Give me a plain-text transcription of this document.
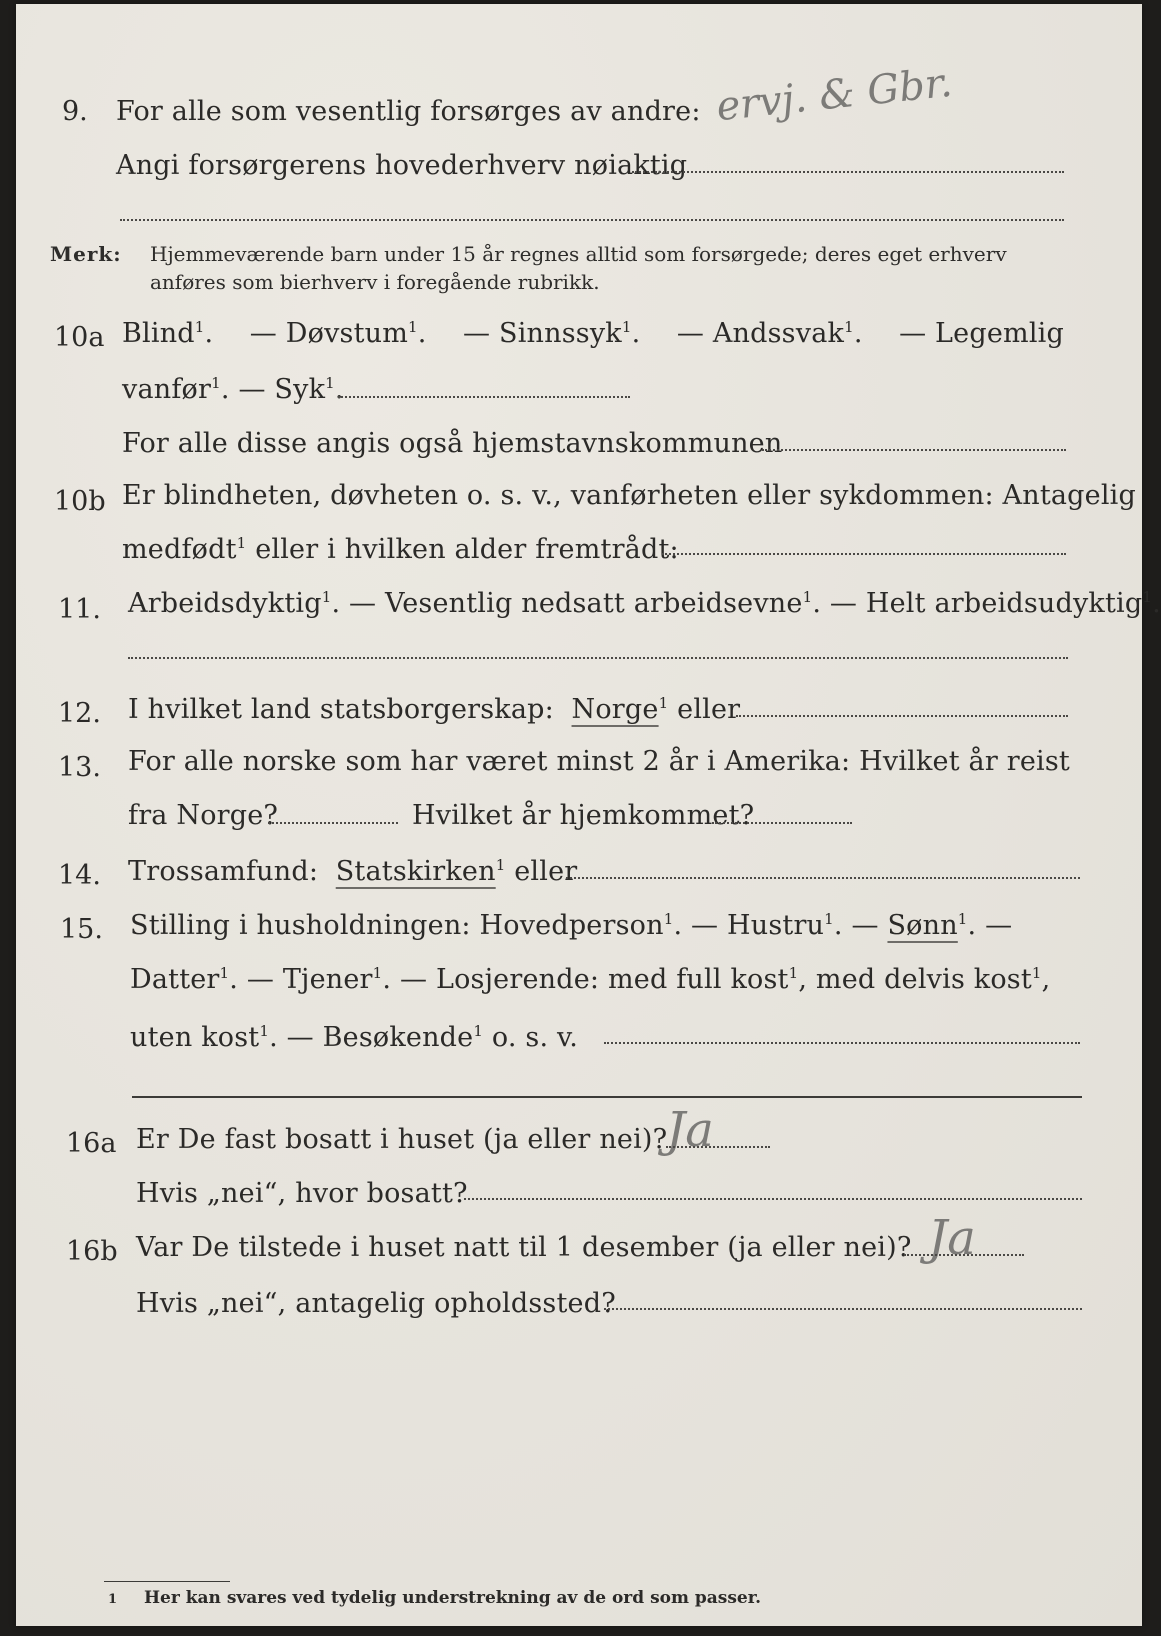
9. For alle som vesentlig forsørges av andre: ervj. & Gbr.
Angi forsørgerens hovederhverv nøiaktig
Merk: Hjemmeværende barn under 15 år regnes alltid som forsørgede; deres eget erhverv
anføres som bierhverv i foregående rubrikk.
10a Blind$^1$. — Døvstum$^1$. — Sinnssyk$^1$. — Andssvak$^1$. — Legemlig
vanfør$^1$. — Syk$^1$.
For alle disse angis også hjemstavnskommunen
10b Er blindheten, døvheten o. s. v., vanførheten eller sykdommen: Antagelig
medfødt$^1$ eller i hvilken alder fremtrådt:
11. Arbeidsdyktig$^1$. — Vesentlig nedsatt arbeidsevne$^1$. — Helt arbeidsudyktig$^1$.
12. I hvilket land statsborgerskap: Norge$^1$ eller
13. For alle norske som har været minst 2 år i Amerika: Hvilket år reist
fra Norge?	Hvilket år hjemkommet?
14. Trossamfund: Statskirken$^1$ eller
15. Stilling i husholdningen: Hovedperson$^1$. — Hustru$^1$. — Sønn$^1$. —
Datter$^1$. — Tjener$^1$. — Losjerende: med full kost$^1$, med delvis kost$^1$,
uten kost$^1$. — Besøkende$^1$ o. s. v.
16a Er De fast bosatt i huset (ja eller nei)?
Ja
Hvis „nei“, hvor bosatt?
16b Var De tilstede i huset natt til 1 desember (ja eller nei)? Ja
Hvis „nei“, antagelig opholdssted?
1 Her kan svares ved tydelig understrekning av de ord som passer.
